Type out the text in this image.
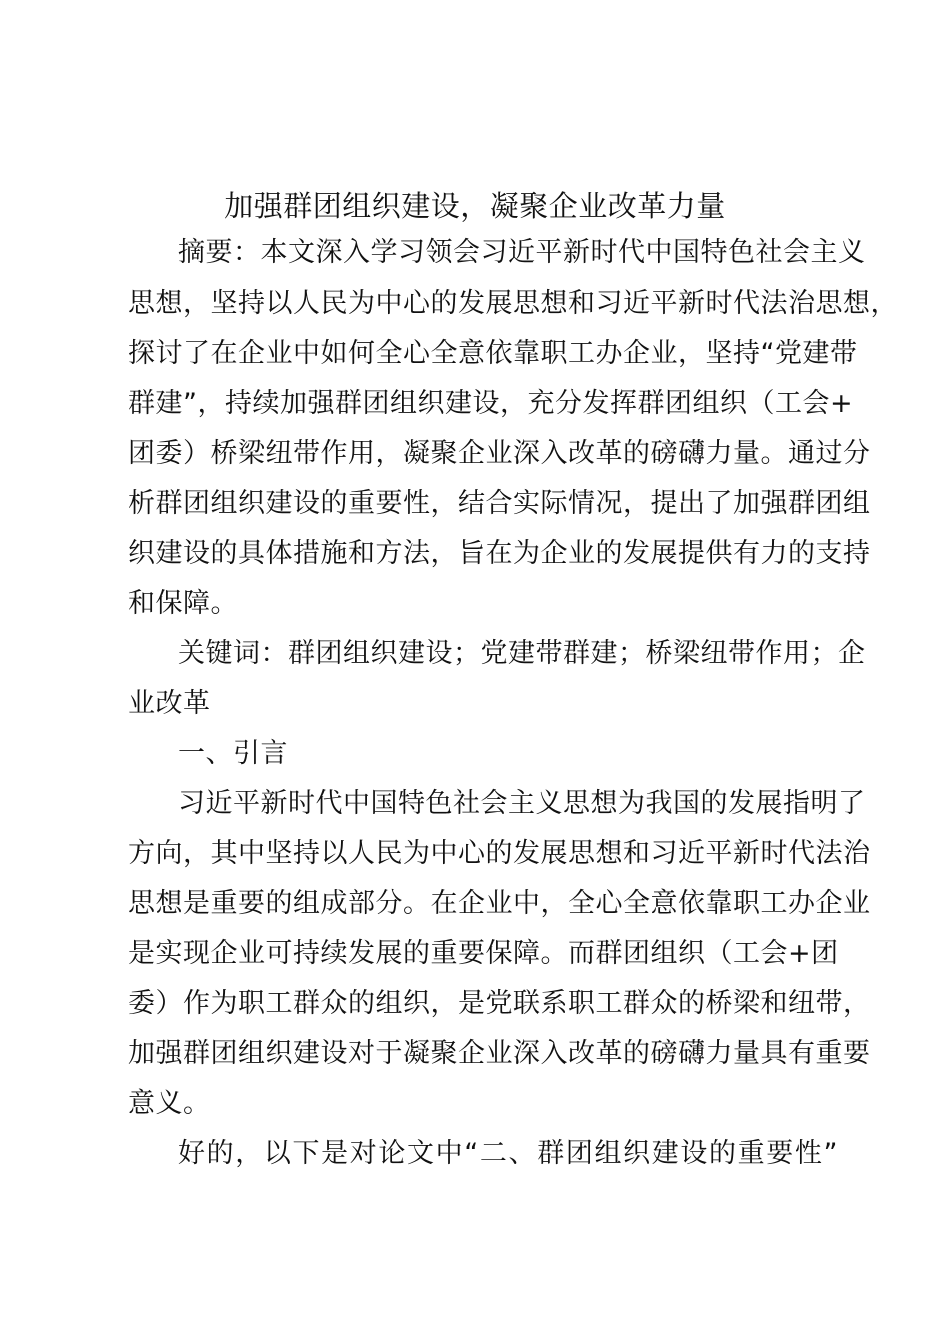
加强群团组织建设，凝聚企业改革力量
摘要：本文深入学习领会习近平新时代中国特色社会主义
思想，坚持以人民为中心的发展思想和习近平新时代法治思想，
探讨了在企业中如何全心全意依靠职工办企业，坚持“党建带
群建”，持续加强群团组织建设，充分发挥群团组织（工会+
团委）桥梁纽带作用，凝聚企业深入改革的磅礴力量。通过分
析群团组织建设的重要性，结合实际情况，提出了加强群团组
织建设的具体措施和方法，旨在为企业的发展提供有力的支持
和保障。
关键词：群团组织建设；党建带群建；桥梁纽带作用；企
业改革
一、引言
习近平新时代中国特色社会主义思想为我国的发展指明了
方向，其中坚持以人民为中心的发展思想和习近平新时代法治
思想是重要的组成部分。在企业中，全心全意依靠职工办企业
是实现企业可持续发展的重要保障。而群团组织（工会+团
委）作为职工群众的组织，是党联系职工群众的桥梁和纽带，
加强群团组织建设对于凝聚企业深入改革的磅礴力量具有重要
意义。
好的，以下是对论文中“二、群团组织建设的重要性”
